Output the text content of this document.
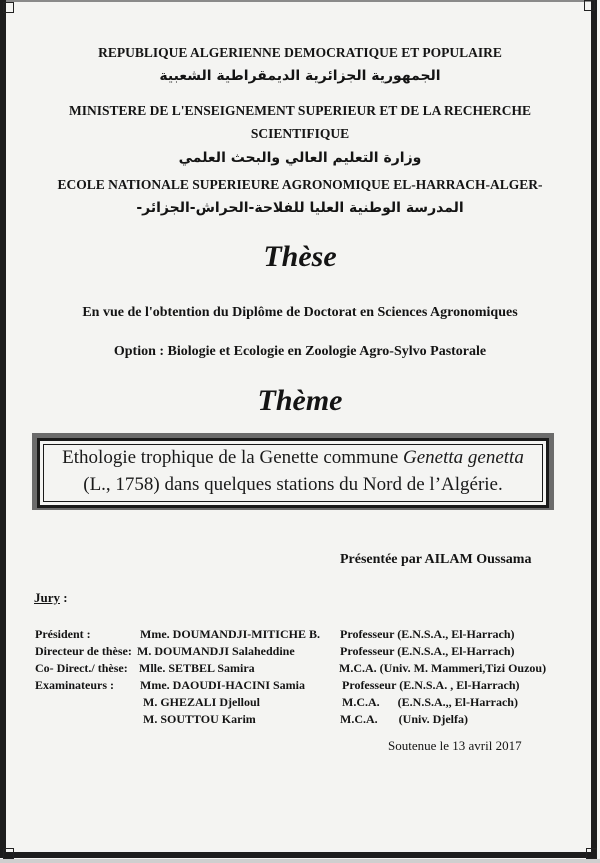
REPUBLIQUE ALGERIENNE DEMOCRATIQUE ET POPULAIRE
الجمهورية الجزائرية الديمقراطية الشعبية
MINISTERE DE L'ENSEIGNEMENT SUPERIEUR ET DE LA RECHERCHE
SCIENTIFIQUE
وزارة التعليم العالي والبحث العلمي
ECOLE NATIONALE SUPERIEURE AGRONOMIQUE EL-HARRACH-ALGER-
المدرسة الوطنية العليا للفلاحة-الحراش-الجزائر-
Thèse
En vue de l'obtention du Diplôme de Doctorat en Sciences Agronomiques
Option : Biologie et Ecologie en Zoologie Agro-Sylvo Pastorale
Thème
Ethologie trophique de la Genette commune Genetta genetta
(L., 1758) dans quelques stations du Nord de l’Algérie.
Présentée par AILAM Oussama
Jury :
Président :	Mme. DOUMANDJI-MITICHE B. Professeur (E.N.S.A., El-Harrach)
Directeur de thèse: M. DOUMANDJI Salaheddine	Professeur (E.N.S.A., El-Harrach)
Co- Direct./ thèse: Mlle. SETBEL Samira	M.C.A. (Univ. M. Mammeri,Tizi Ouzou)
Examinateurs : Mme. DAOUDI-HACINI Samia	Professeur (E.N.S.A. , El-Harrach)
M. GHEZALI Djelloul	M.C.A.      (E.N.S.A.,, El-Harrach)
M. SOUTTOU Karim	M.C.A.       (Univ. Djelfa)
Soutenue le 13 avril 2017
